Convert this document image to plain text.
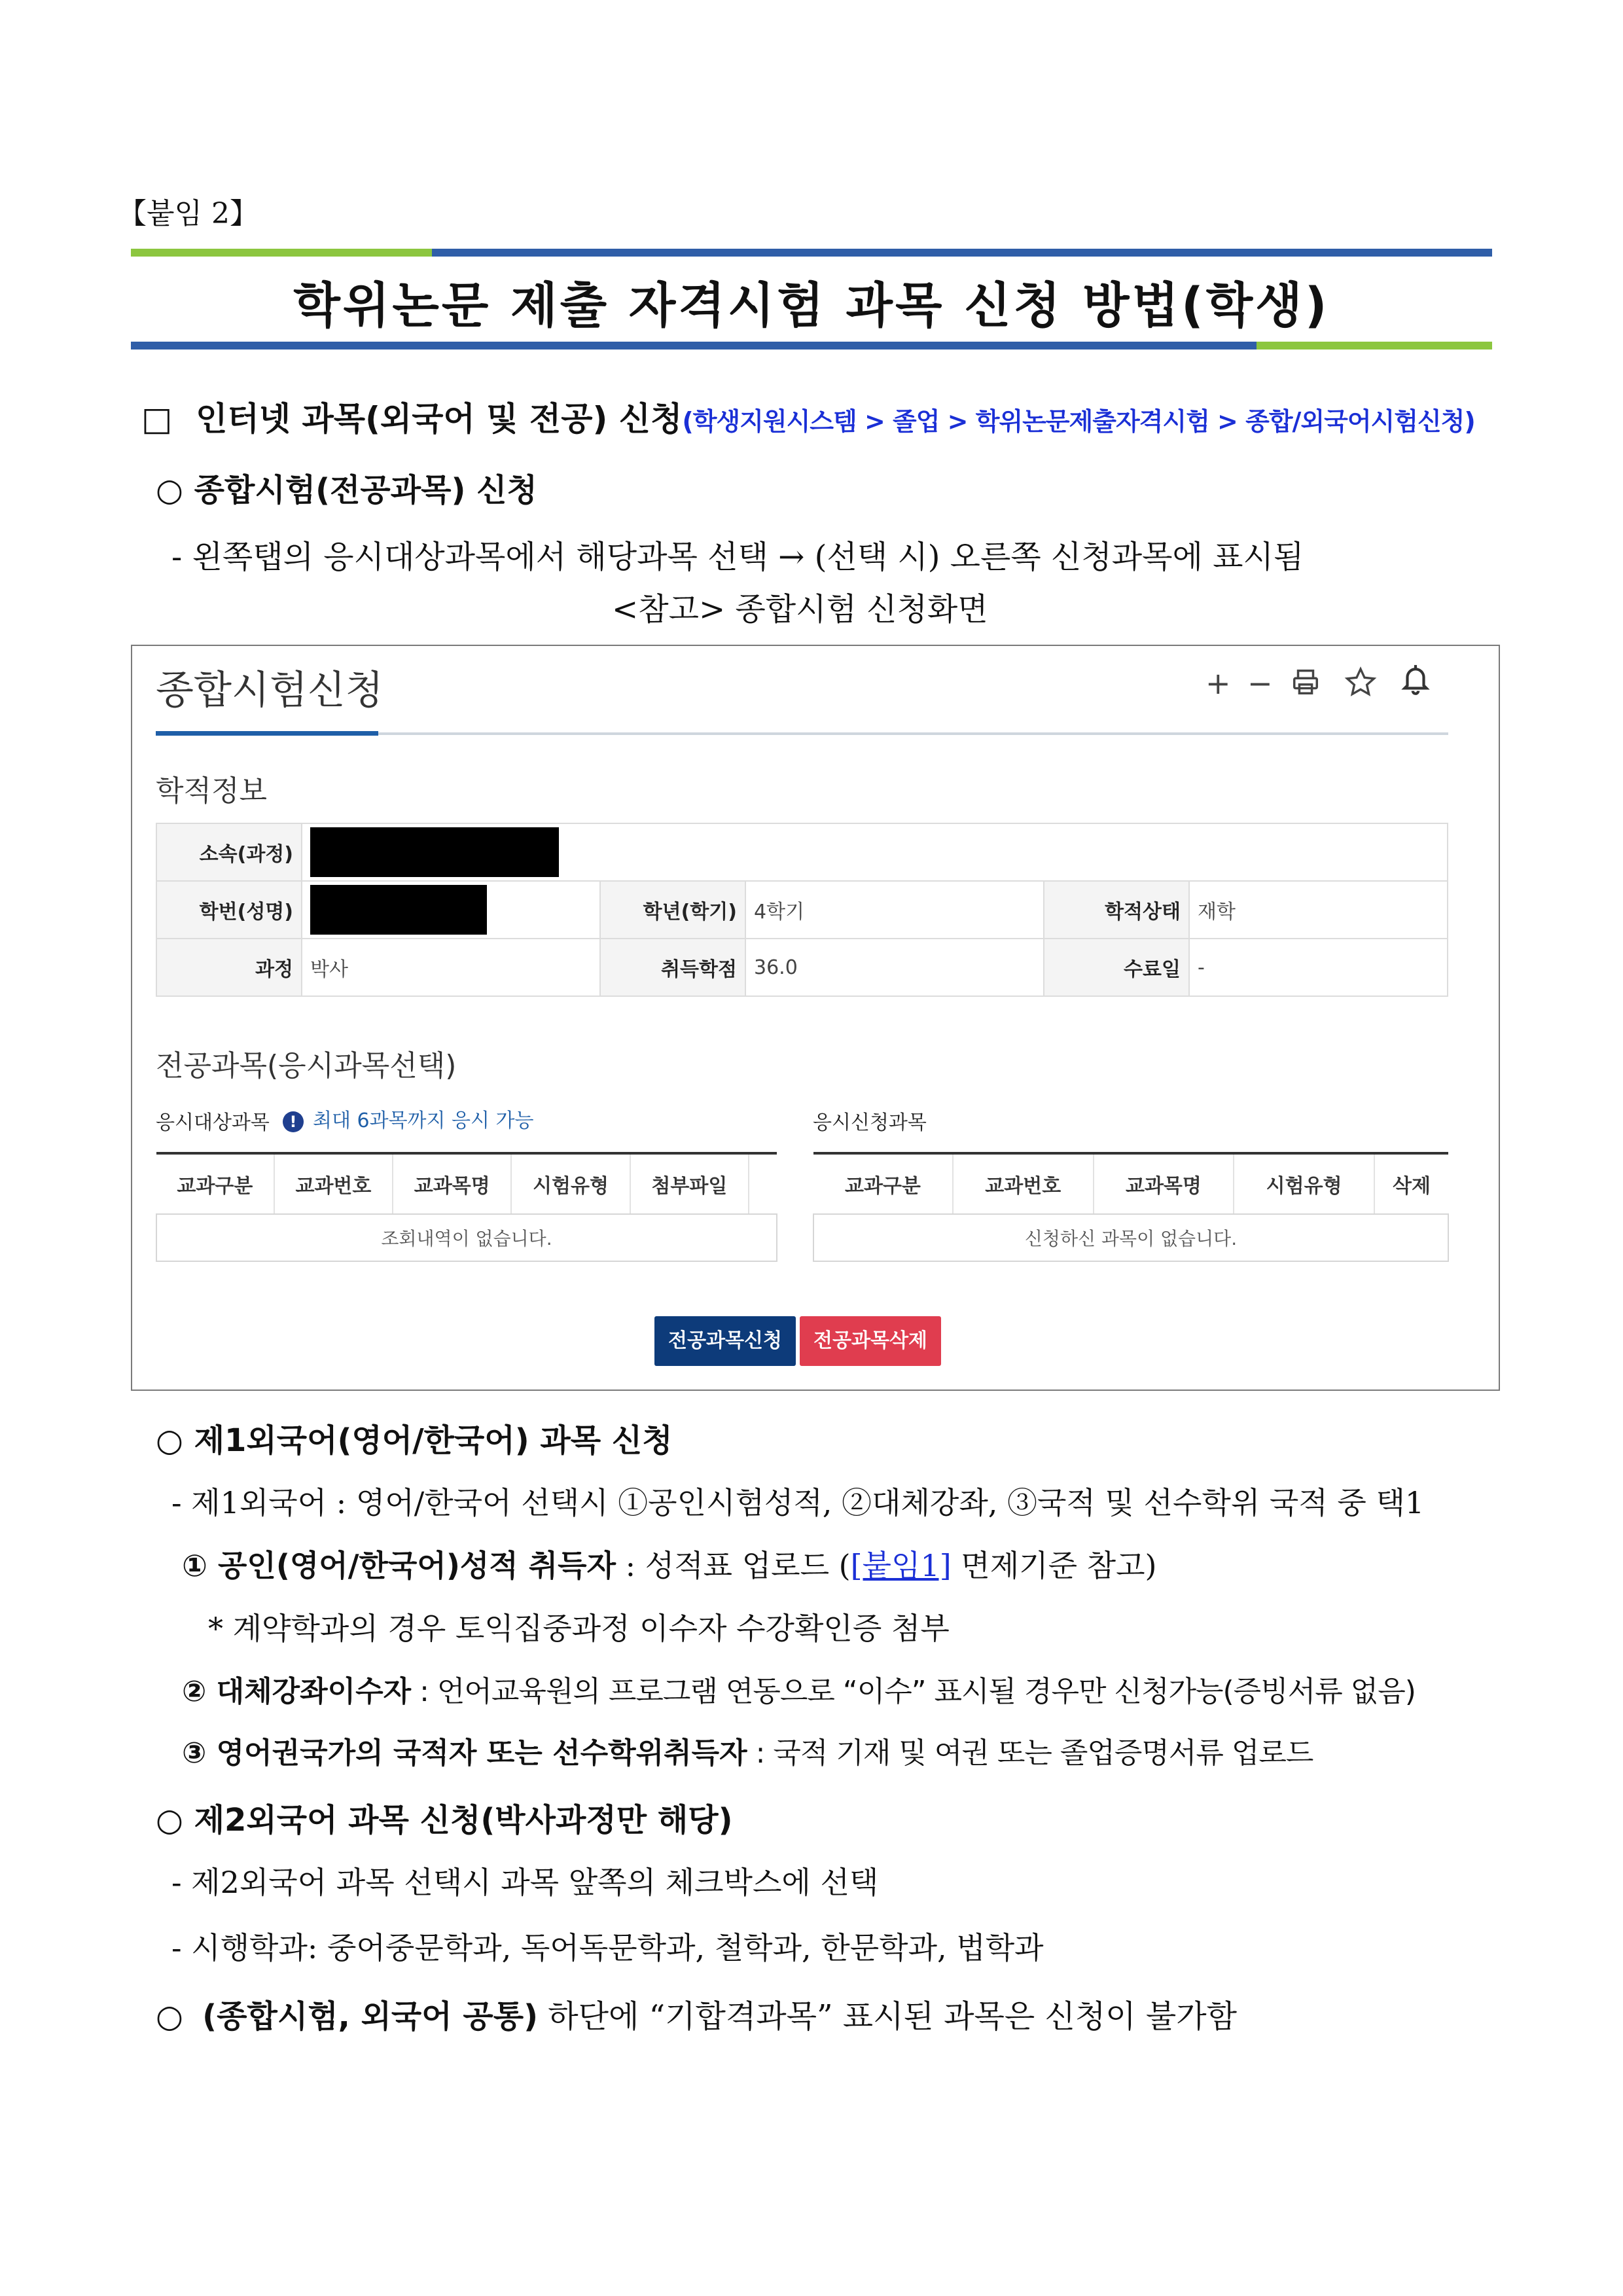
【붙임 2】
학위논문 제출 자격시험 과목 신청 방법(학생)
□ 인터넷 과목(외국어 및 전공) 신청(학생지원시스템 > 졸업 > 학위논문제출자격시험 > 종합/외국어시험신청)
○ 종합시험(전공과목) 신청
- 왼쪽탭의 응시대상과목에서 해당과목 선택 → (선택 시) 오른쪽 신청과목에 표시됨
<참고> 종합시험 신청화면
종합시험신청	+ −
학적정보
소속(과정)					
학번(성명)		학년(학기)	4학기	학적상태	재학
과정	박사	취득학점	36.0	수료일	-
전공과목(응시과목선택)
응시대상과목	! 최대 6과목까지 응시 가능	응시신청과목
교과구분	교과번호	교과목명	시험유형	첨부파일	
조회내역이 없습니다.
교과구분	교과번호	교과목명	시험유형	삭제
신청하신 과목이 없습니다.
전공과목신청	전공과목삭제
○ 제1외국어(영어/한국어) 과목 신청
- 제1외국어 : 영어/한국어 선택시 ①공인시험성적, ②대체강좌, ③국적 및 선수학위 국적 중 택1
① 공인(영어/한국어)성적 취득자 : 성적표 업로드 ([붙임1] 면제기준 참고)
* 계약학과의 경우 토익집중과정 이수자 수강확인증 첨부
② 대체강좌이수자 : 언어교육원의 프로그램 연동으로 “이수” 표시될 경우만 신청가능(증빙서류 없음)
③ 영어권국가의 국적자 또는 선수학위취득자 : 국적 기재 및 여권 또는 졸업증명서류 업로드
○ 제2외국어 과목 신청(박사과정만 해당)
- 제2외국어 과목 선택시 과목 앞쪽의 체크박스에 선택
- 시행학과: 중어중문학과, 독어독문학과, 철학과, 한문학과, 법학과
○ (종합시험, 외국어 공통) 하단에 “기합격과목” 표시된 과목은 신청이 불가함
